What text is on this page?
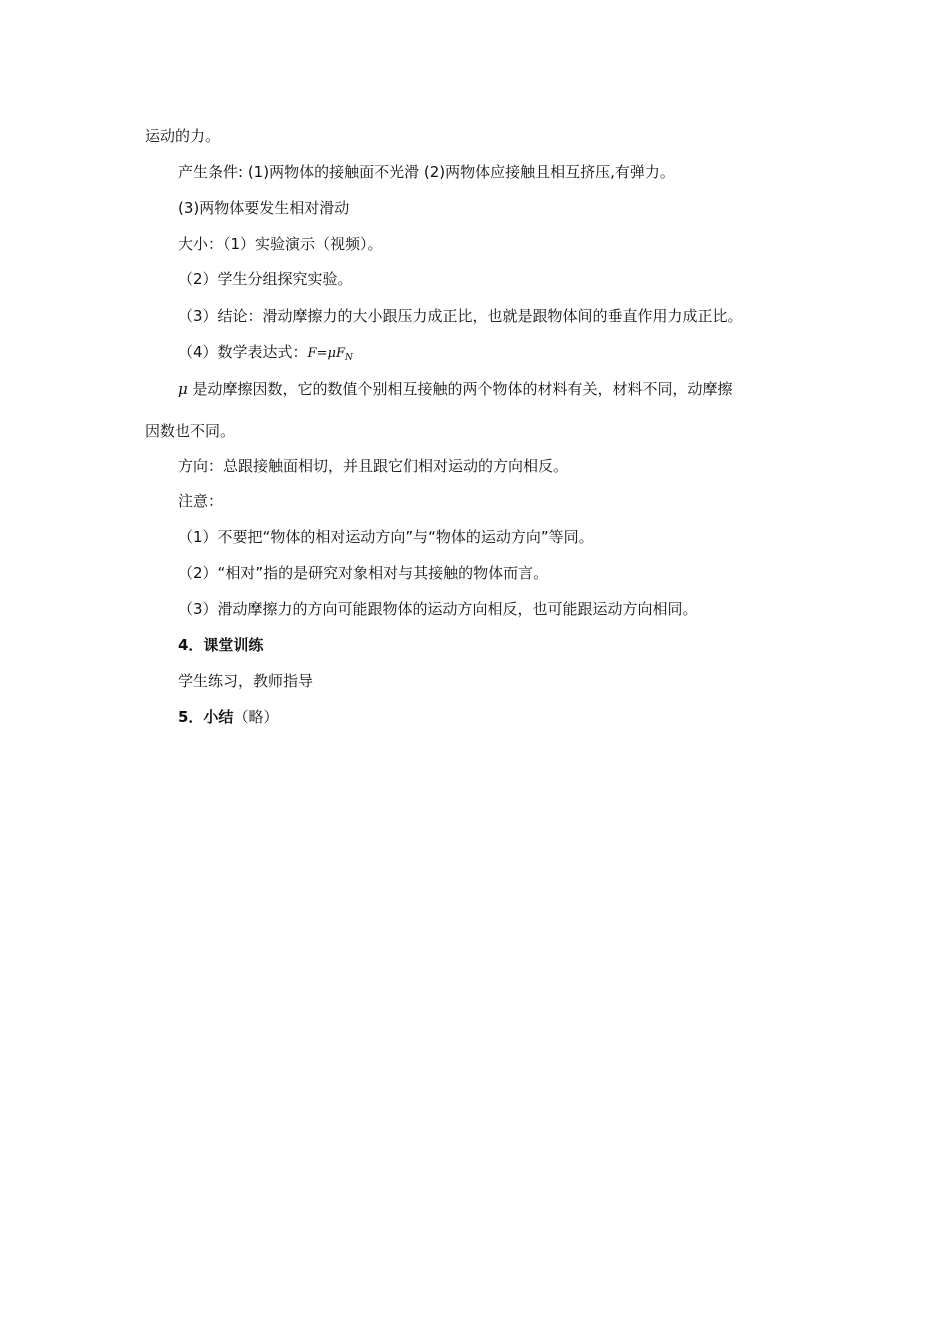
运动的力。
产生条件: (1)两物体的接触面不光滑 (2)两物体应接触且相互挤压,有弹力。
(3)两物体要发生相对滑动
大小：（1）实验演示（视频）。
（2）学生分组探究实验。
（3）结论：滑动摩擦力的大小跟压力成正比，也就是跟物体间的垂直作用力成正比。
（4）数学表达式：$F=\mu F_N$
μ 是动摩擦因数，它的数值个别相互接触的两个物体的材料有关，材料不同，动摩擦
因数也不同。
方向：总跟接触面相切，并且跟它们相对运动的方向相反。
注意：
（1）不要把“物体的相对运动方向”与“物体的运动方向”等同。
（2）“相对”指的是研究对象相对与其接触的物体而言。
（3）滑动摩擦力的方向可能跟物体的运动方向相反，也可能跟运动方向相同。
4．课堂训练
学生练习，教师指导
5．小结（略）
